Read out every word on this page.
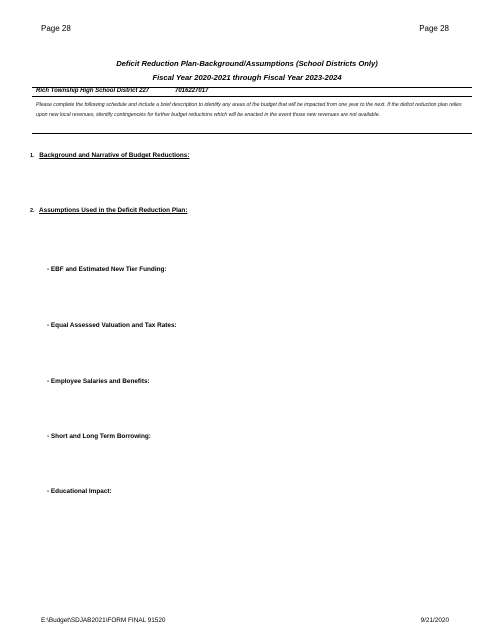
Page 28	Page 28
Deficit Reduction Plan-Background/Assumptions (School Districts Only)
Fiscal Year 2020-2021 through Fiscal Year 2023-2024
Rich Township High School District 227	7016227017
Please complete the following schedule and include a brief description to identify any areas of the budget that will be impacted from one year to the next. If the deficit reduction plan relies upon new local revenues, identify contingencies for further budget reductions which will be enacted in the event those new revenues are not available.
1. Background and Narrative of Budget Reductions:
2. Assumptions Used in the Deficit Reduction Plan:
- EBF and Estimated New Tier Funding:
- Equal Assessed Valuation and Tax Rates:
- Employee Salaries and Benefits:
- Short and Long Term Borrowing:
- Educational Impact:
E:\Budget\SDJAB2021\FORM FINAL 91520	9/21/2020
